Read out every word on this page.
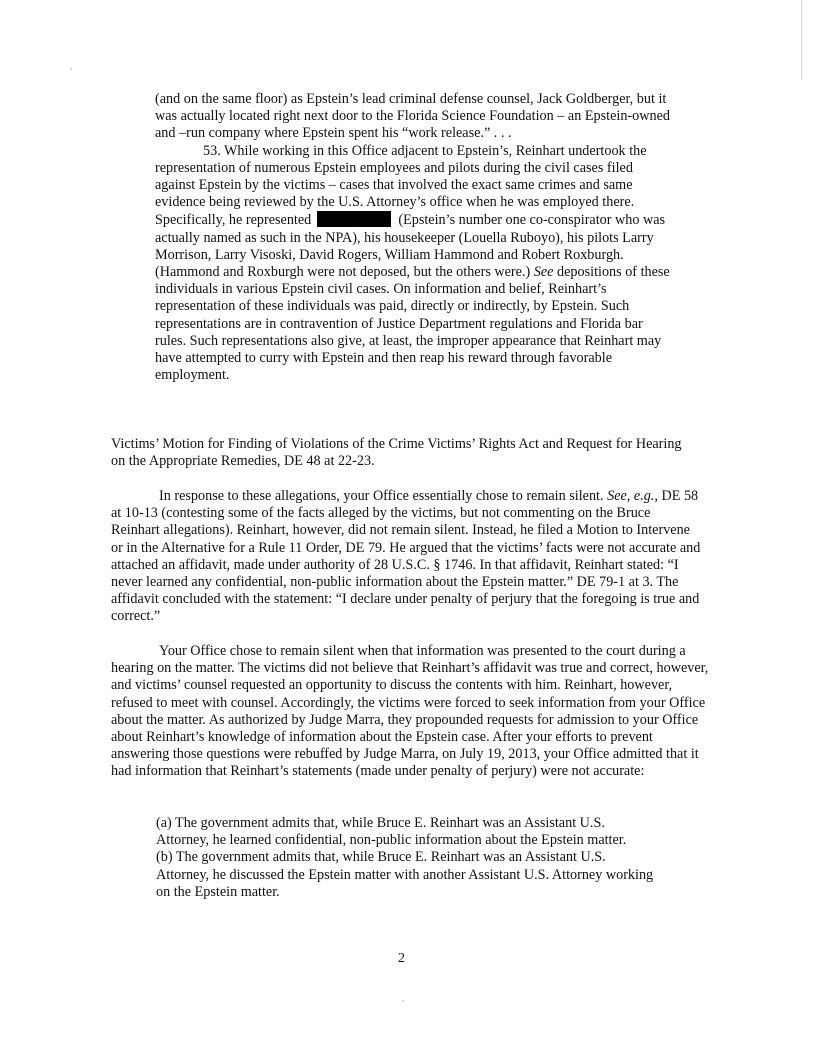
(and on the same floor) as Epstein’s lead criminal defense counsel, Jack Goldberger, but it was actually located right next door to the Florida Science Foundation – an Epstein-owned and –run company where Epstein spent his “work release.” . . .

53. While working in this Office adjacent to Epstein’s, Reinhart undertook the representation of numerous Epstein employees and pilots during the civil cases filed against Epstein by the victims – cases that involved the exact same crimes and same evidence being reviewed by the U.S. Attorney’s office when he was employed there. Specifically, he represented	(Epstein’s number one co-conspirator who was actually named as such in the NPA), his housekeeper (Louella Ruboyo), his pilots Larry Morrison, Larry Visoski, David Rogers, William Hammond and Robert Roxburgh. (Hammond and Roxburgh were not deposed, but the others were.) See depositions of these individuals in various Epstein civil cases. On information and belief, Reinhart’s representation of these individuals was paid, directly or indirectly, by Epstein. Such representations are in contravention of Justice Department regulations and Florida bar rules. Such representations also give, at least, the improper appearance that Reinhart may have attempted to curry with Epstein and then reap his reward through favorable employment.

Victims’ Motion for Finding of Violations of the Crime Victims’ Rights Act and Request for Hearing on the Appropriate Remedies, DE 48 at 22-23.

In response to these allegations, your Office essentially chose to remain silent. See, e.g., DE 58 at 10-13 (contesting some of the facts alleged by the victims, but not commenting on the Bruce Reinhart allegations). Reinhart, however, did not remain silent. Instead, he filed a Motion to Intervene or in the Alternative for a Rule 11 Order, DE 79. He argued that the victims’ facts were not accurate and attached an affidavit, made under authority of 28 U.S.C. § 1746. In that affidavit, Reinhart stated: “I never learned any confidential, non-public information about the Epstein matter.” DE 79-1 at 3. The affidavit concluded with the statement: “I declare under penalty of perjury that the foregoing is true and correct.”

Your Office chose to remain silent when that information was presented to the court during a hearing on the matter. The victims did not believe that Reinhart’s affidavit was true and correct, however, and victims’ counsel requested an opportunity to discuss the contents with him. Reinhart, however, refused to meet with counsel. Accordingly, the victims were forced to seek information from your Office about the matter. As authorized by Judge Marra, they propounded requests for admission to your Office about Reinhart’s knowledge of information about the Epstein case. After your efforts to prevent answering those questions were rebuffed by Judge Marra, on July 19, 2013, your Office admitted that it had information that Reinhart’s statements (made under penalty of perjury) were not accurate:

(a) The government admits that, while Bruce E. Reinhart was an Assistant U.S. Attorney, he learned confidential, non-public information about the Epstein matter.

(b) The government admits that, while Bruce E. Reinhart was an Assistant U.S. Attorney, he discussed the Epstein matter with another Assistant U.S. Attorney working on the Epstein matter.

2
